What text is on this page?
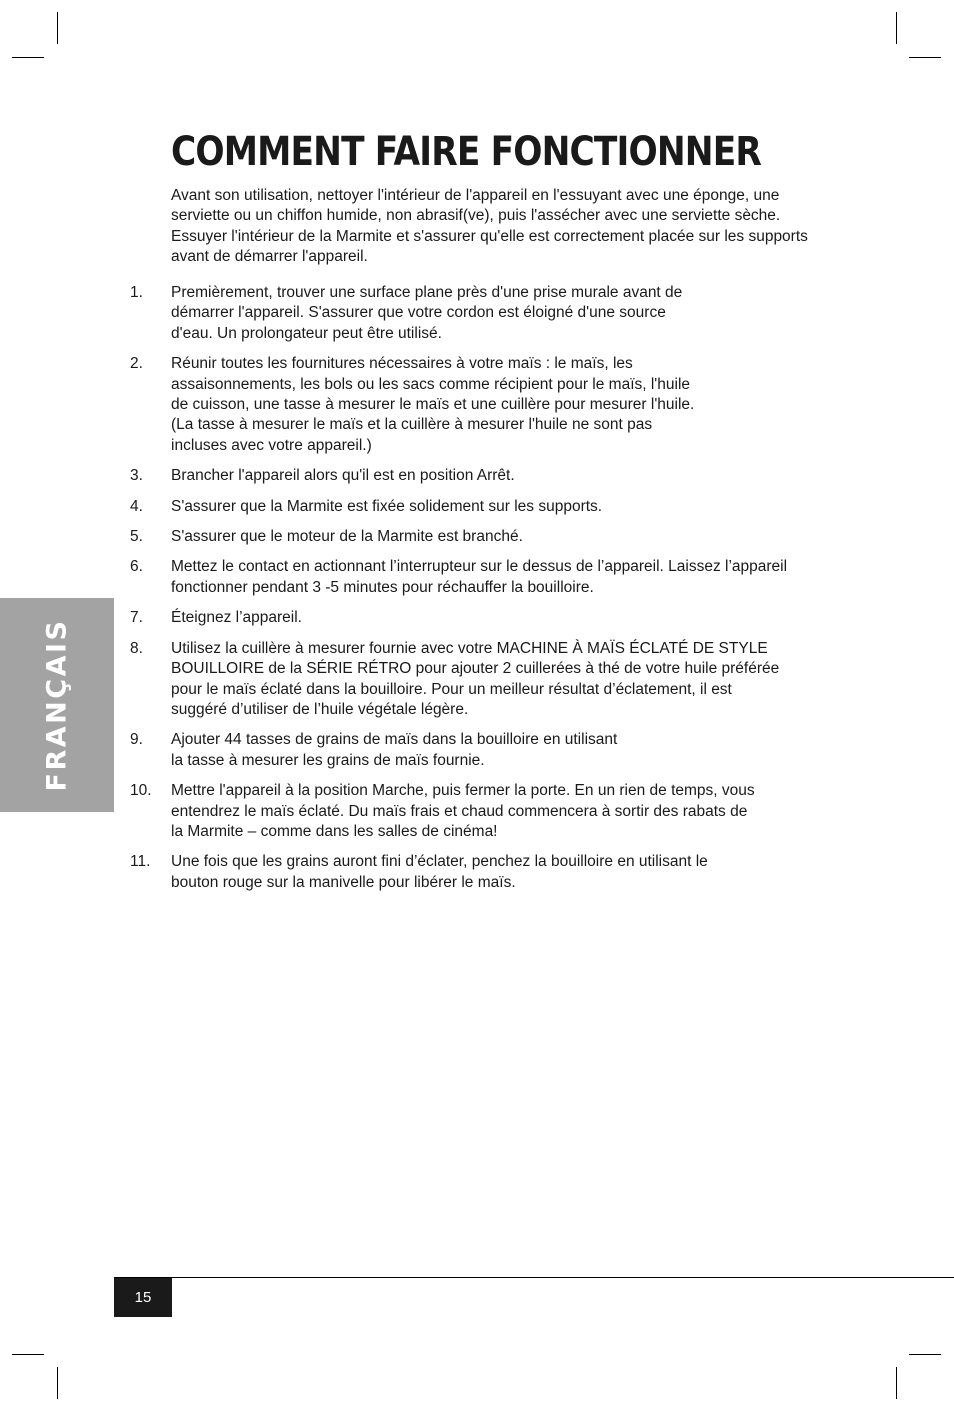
FRANÇAIS
COMMENT FAIRE FONCTIONNER

Avant son utilisation, nettoyer l'intérieur de l'appareil en l'essuyant avec une éponge, une serviette ou un chiffon humide, non abrasif(ve), puis l'assécher avec une serviette sèche. Essuyer l'intérieur de la Marmite et s'assurer qu'elle est correctement placée sur les supports avant de démarrer l'appareil.

1.	Premièrement, trouver une surface plane près d'une prise murale avant de démarrer l'appareil. S'assurer que votre cordon est éloigné d'une source d'eau. Un prolongateur peut être utilisé.
2.	Réunir toutes les fournitures nécessaires à votre maïs : le maïs, les assaisonnements, les bols ou les sacs comme récipient pour le maïs, l'huile de cuisson, une tasse à mesurer le maïs et une cuillère pour mesurer l'huile. (La tasse à mesurer le maïs et la cuillère à mesurer l'huile ne sont pas incluses avec votre appareil.)
3.	Brancher l'appareil alors qu'il est en position Arrêt.
4.	S'assurer que la Marmite est fixée solidement sur les supports.
5.	S'assurer que le moteur de la Marmite est branché.
6.	Mettez le contact en actionnant l’interrupteur sur le dessus de l’appareil. Laissez l’appareil fonctionner pendant 3 -5 minutes pour réchauffer la bouilloire.
7.	Éteignez l’appareil.
8.	Utilisez la cuillère à mesurer fournie avec votre MACHINE À MAÏS ÉCLATÉ DE STYLE BOUILLOIRE de la SÉRIE RÉTRO pour ajouter 2 cuillerées à thé de votre huile préférée pour le maïs éclaté dans la bouilloire. Pour un meilleur résultat d’éclatement, il est suggéré d’utiliser de l’huile végétale légère.
9.	Ajouter 44 tasses de grains de maïs dans la bouilloire en utilisant la tasse à mesurer les grains de maïs fournie.
10.	Mettre l'appareil à la position Marche, puis fermer la porte. En un rien de temps, vous entendrez le maïs éclaté. Du maïs frais et chaud commencera à sortir des rabats de la Marmite – comme dans les salles de cinéma!
11.	Une fois que les grains auront fini d’éclater, penchez la bouilloire en utilisant le bouton rouge sur la manivelle pour libérer le maïs.
15
